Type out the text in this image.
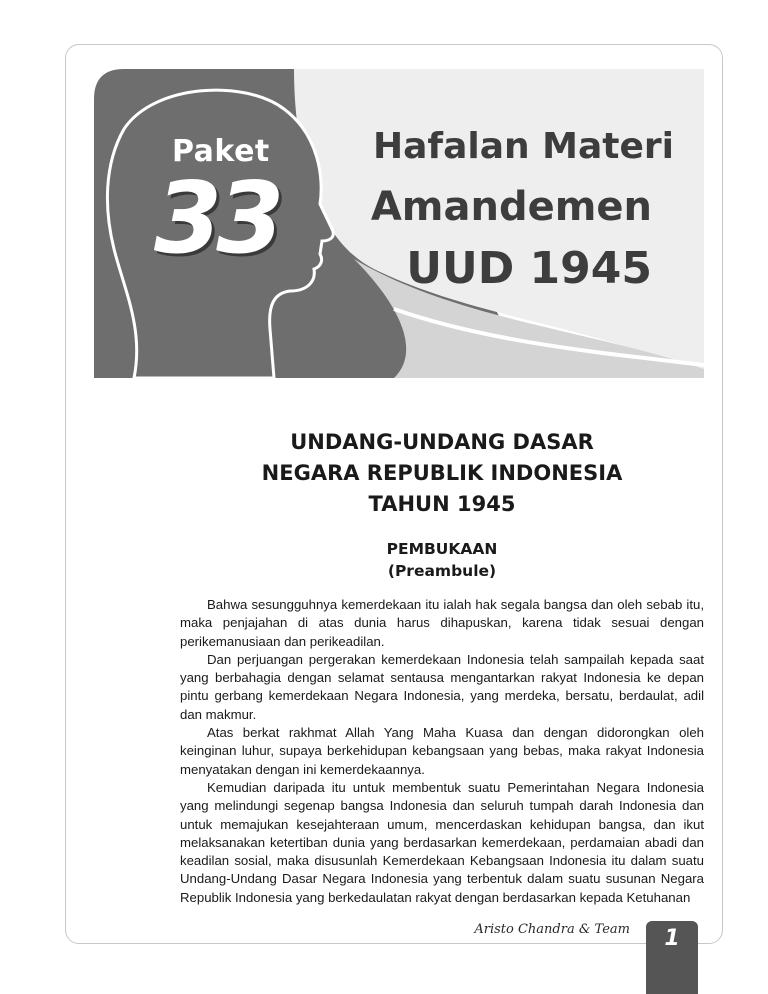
Paket
33
Hafalan Materi
Amandemen
UUD 1945
UNDANG-UNDANG DASAR
NEGARA REPUBLIK INDONESIA
TAHUN 1945
PEMBUKAAN
(Preambule)

Bahwa sesungguhnya kemerdekaan itu ialah hak segala bangsa dan oleh sebab itu, maka penjajahan di atas dunia harus dihapuskan, karena tidak sesuai dengan perikemanusiaan dan perikeadilan.

Dan perjuangan pergerakan kemerdekaan Indonesia telah sampailah kepada saat yang berbahagia dengan selamat sentausa mengantarkan rakyat Indonesia ke depan pintu gerbang kemerdekaan Negara Indonesia, yang merdeka, bersatu, berdaulat, adil dan makmur.

Atas berkat rakhmat Allah Yang Maha Kuasa dan dengan didorongkan oleh keinginan luhur, supaya berkehidupan kebangsaan yang bebas, maka rakyat Indonesia menyatakan dengan ini kemerdekaannya.

Kemudian daripada itu untuk membentuk suatu Pemerintahan Negara Indonesia yang melindungi segenap bangsa Indonesia dan seluruh tumpah darah Indonesia dan untuk memajukan kesejahteraan umum, mencerdaskan kehidupan bangsa, dan ikut melaksanakan ketertiban dunia yang berdasarkan kemerdekaan, perdamaian abadi dan keadilan sosial, maka disusunlah Kemerdekaan Kebangsaan Indonesia itu dalam suatu Undang-Undang Dasar Negara Indonesia yang terbentuk dalam suatu susunan Negara Republik Indonesia yang berkedaulatan rakyat dengan berdasarkan kepada Ketuhanan

Aristo Chandra & Team	1
